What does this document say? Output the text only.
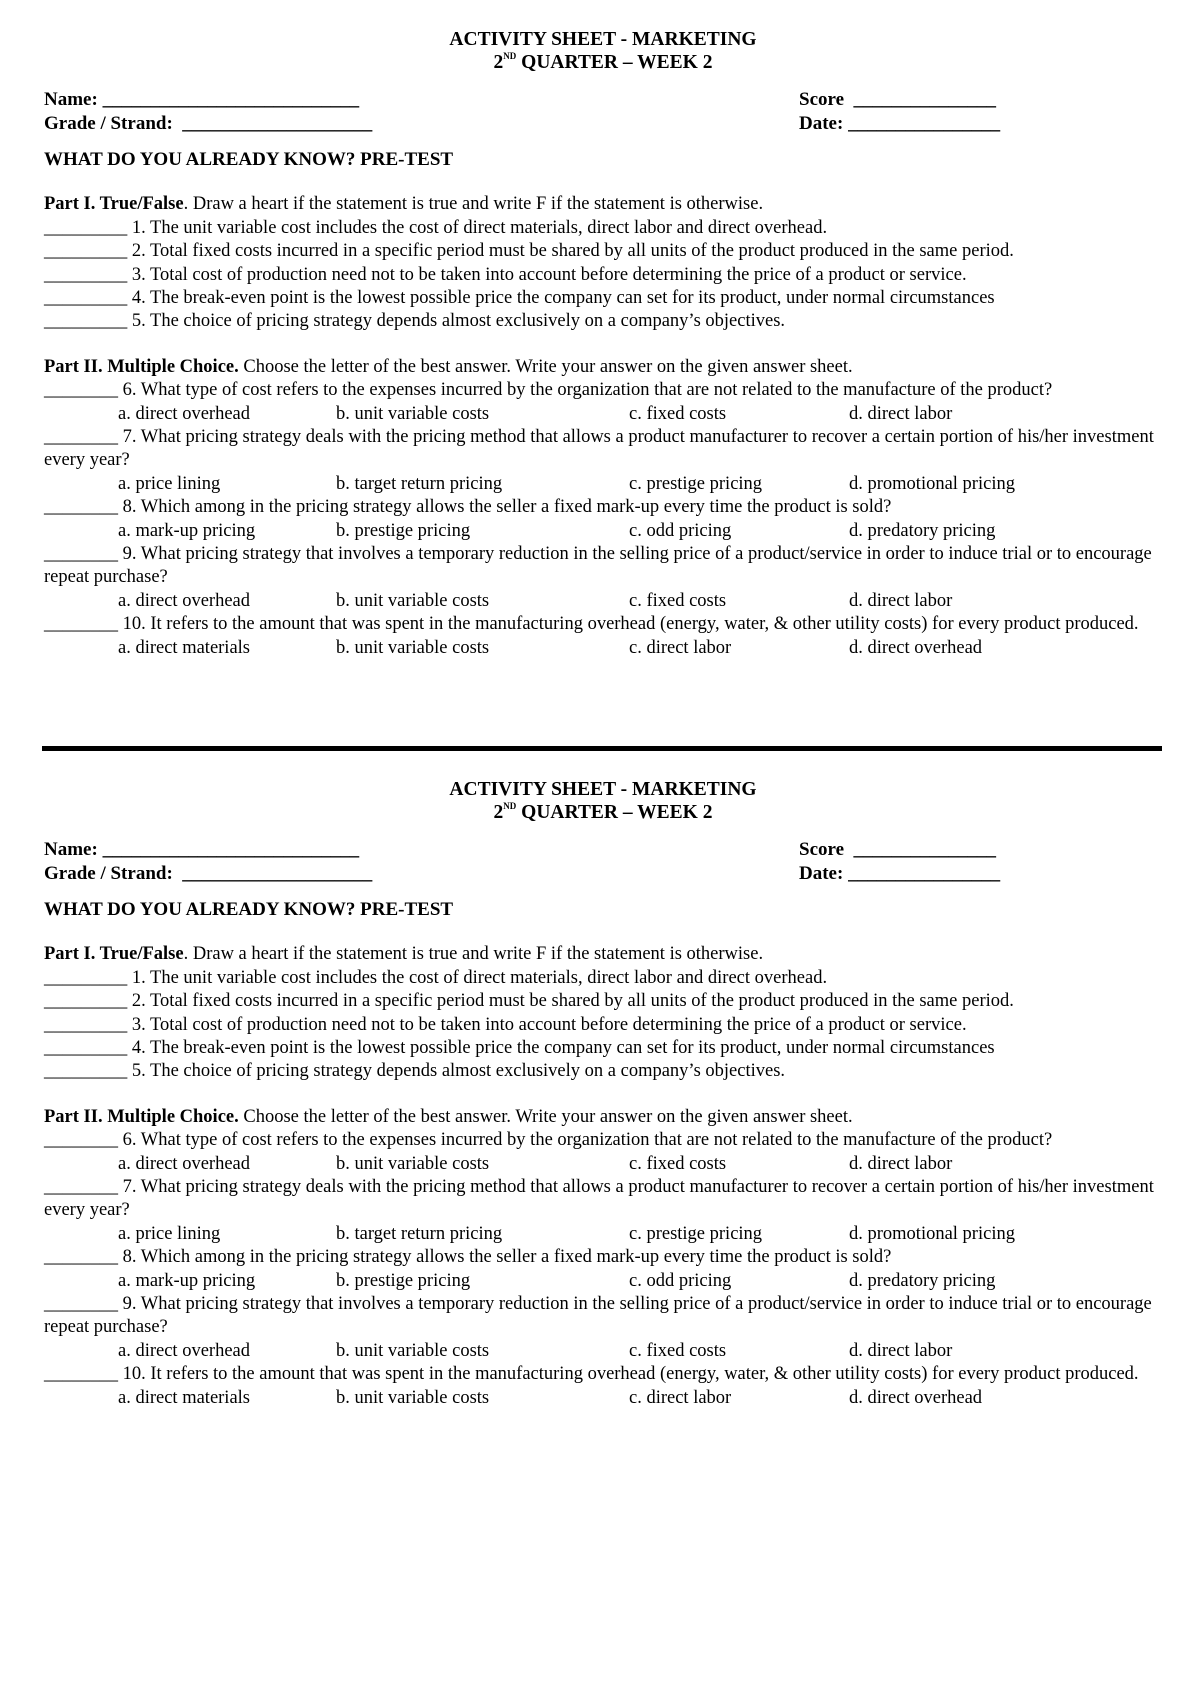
ACTIVITY SHEET - MARKETING
2ND QUARTER – WEEK 2
Name: ___________________________
Grade / Strand:  ____________________
Score  _______________
Date: ________________
WHAT DO YOU ALREADY KNOW? PRE-TEST
Part I. True/False. Draw a heart if the statement is true and write F if the statement is otherwise.
_________ 1. The unit variable cost includes the cost of direct materials, direct labor and direct overhead.
_________ 2. Total fixed costs incurred in a specific period must be shared by all units of the product produced in the same period.
_________ 3. Total cost of production need not to be taken into account before determining the price of a product or service.
_________ 4. The break-even point is the lowest possible price the company can set for its product, under normal circumstances
_________ 5. The choice of pricing strategy depends almost exclusively on a company’s objectives.
Part II. Multiple Choice. Choose the letter of the best answer. Write your answer on the given answer sheet.
________ 6. What type of cost refers to the expenses incurred by the organization that are not related to the manufacture of the product?
a. direct overhead	b. unit variable costs	c. fixed costs	d. direct labor
________ 7. What pricing strategy deals with the pricing method that allows a product manufacturer to recover a certain portion of his/her investment every year?
a. price lining	b. target return pricing	c. prestige pricing	d. promotional pricing
________ 8. Which among in the pricing strategy allows the seller a fixed mark-up every time the product is sold?
a. mark-up pricing	b. prestige pricing	c. odd pricing	d. predatory pricing
________ 9. What pricing strategy that involves a temporary reduction in the selling price of a product/service in order to induce trial or to encourage repeat purchase?
a. direct overhead	b. unit variable costs	c. fixed costs	d. direct labor
________ 10. It refers to the amount that was spent in the manufacturing overhead (energy, water, & other utility costs) for every product produced.
a. direct materials	b. unit variable costs	c. direct labor	d. direct overhead
ACTIVITY SHEET - MARKETING
2ND QUARTER – WEEK 2
Name: ___________________________
Grade / Strand:  ____________________
Score  _______________
Date: ________________
WHAT DO YOU ALREADY KNOW? PRE-TEST
Part I. True/False. Draw a heart if the statement is true and write F if the statement is otherwise.
_________ 1. The unit variable cost includes the cost of direct materials, direct labor and direct overhead.
_________ 2. Total fixed costs incurred in a specific period must be shared by all units of the product produced in the same period.
_________ 3. Total cost of production need not to be taken into account before determining the price of a product or service.
_________ 4. The break-even point is the lowest possible price the company can set for its product, under normal circumstances
_________ 5. The choice of pricing strategy depends almost exclusively on a company’s objectives.
Part II. Multiple Choice. Choose the letter of the best answer. Write your answer on the given answer sheet.
________ 6. What type of cost refers to the expenses incurred by the organization that are not related to the manufacture of the product?
a. direct overhead	b. unit variable costs	c. fixed costs	d. direct labor
________ 7. What pricing strategy deals with the pricing method that allows a product manufacturer to recover a certain portion of his/her investment every year?
a. price lining	b. target return pricing	c. prestige pricing	d. promotional pricing
________ 8. Which among in the pricing strategy allows the seller a fixed mark-up every time the product is sold?
a. mark-up pricing	b. prestige pricing	c. odd pricing	d. predatory pricing
________ 9. What pricing strategy that involves a temporary reduction in the selling price of a product/service in order to induce trial or to encourage repeat purchase?
a. direct overhead	b. unit variable costs	c. fixed costs	d. direct labor
________ 10. It refers to the amount that was spent in the manufacturing overhead (energy, water, & other utility costs) for every product produced.
a. direct materials	b. unit variable costs	c. direct labor	d. direct overhead
